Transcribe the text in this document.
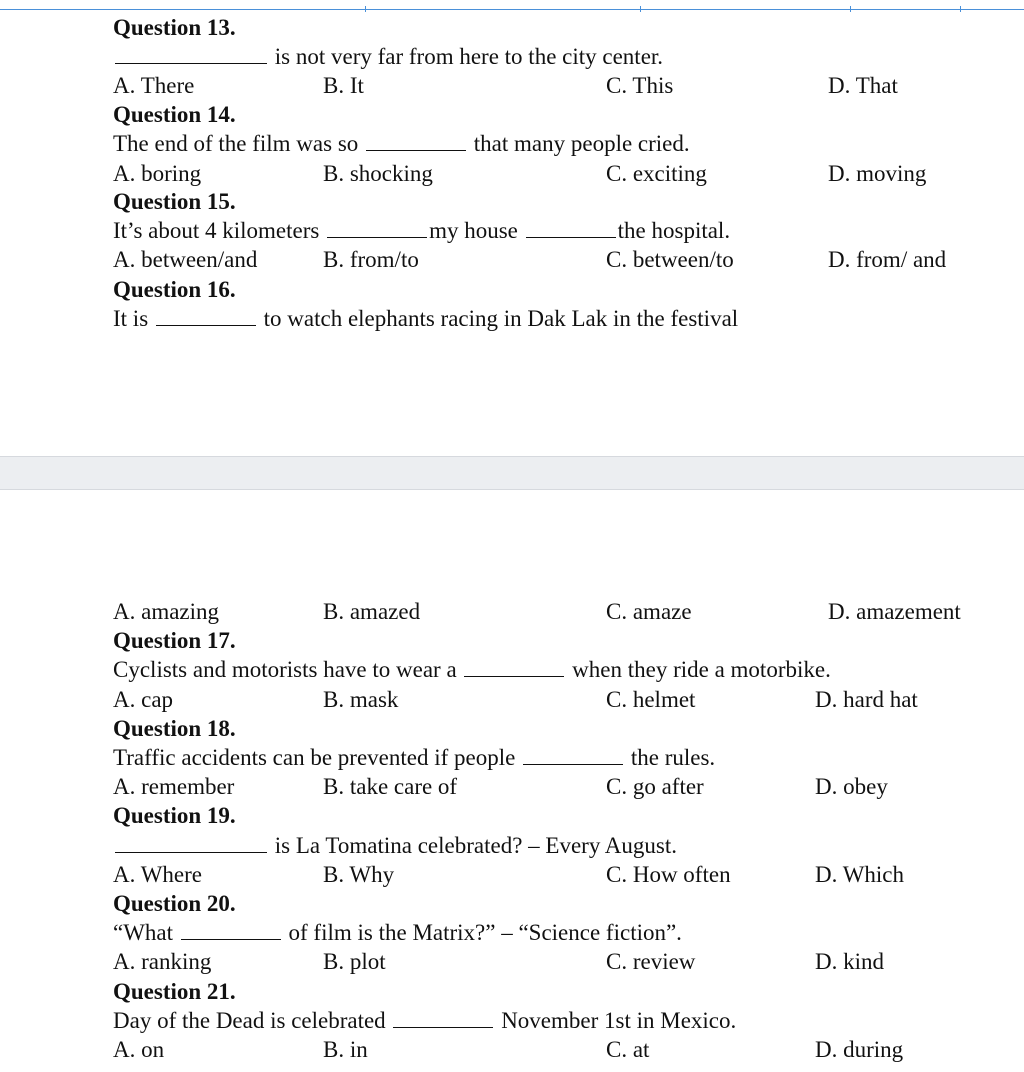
Question 13.
is not very far from here to the city center.
A. There	B. It	C. This	D. That
Question 14.
The end of the film was so	that many people cried.
A. boring	B. shocking	C. exciting	D. moving
Question 15.
It’s about 4 kilometers	my house	the hospital.
A. between/and	B. from/to	C. between/to	D. from/ and
Question 16.
It is	to watch elephants racing in Dak Lak in the festival
A. amazing	B. amazed	C. amaze	D. amazement
Question 17.
Cyclists and motorists have to wear a	when they ride a motorbike.
A. cap	B. mask	C. helmet	D. hard hat
Question 18.
Traffic accidents can be prevented if people	the rules.
A. remember	B. take care of	C. go after	D. obey
Question 19.
is La Tomatina celebrated? – Every August.
A. Where	B. Why	C. How often	D. Which
Question 20.
“What	of film is the Matrix?” – “Science fiction”.
A. ranking	B. plot	C. review	D. kind
Question 21.
Day of the Dead is celebrated	November 1st in Mexico.
A. on	B. in	C. at	D. during
